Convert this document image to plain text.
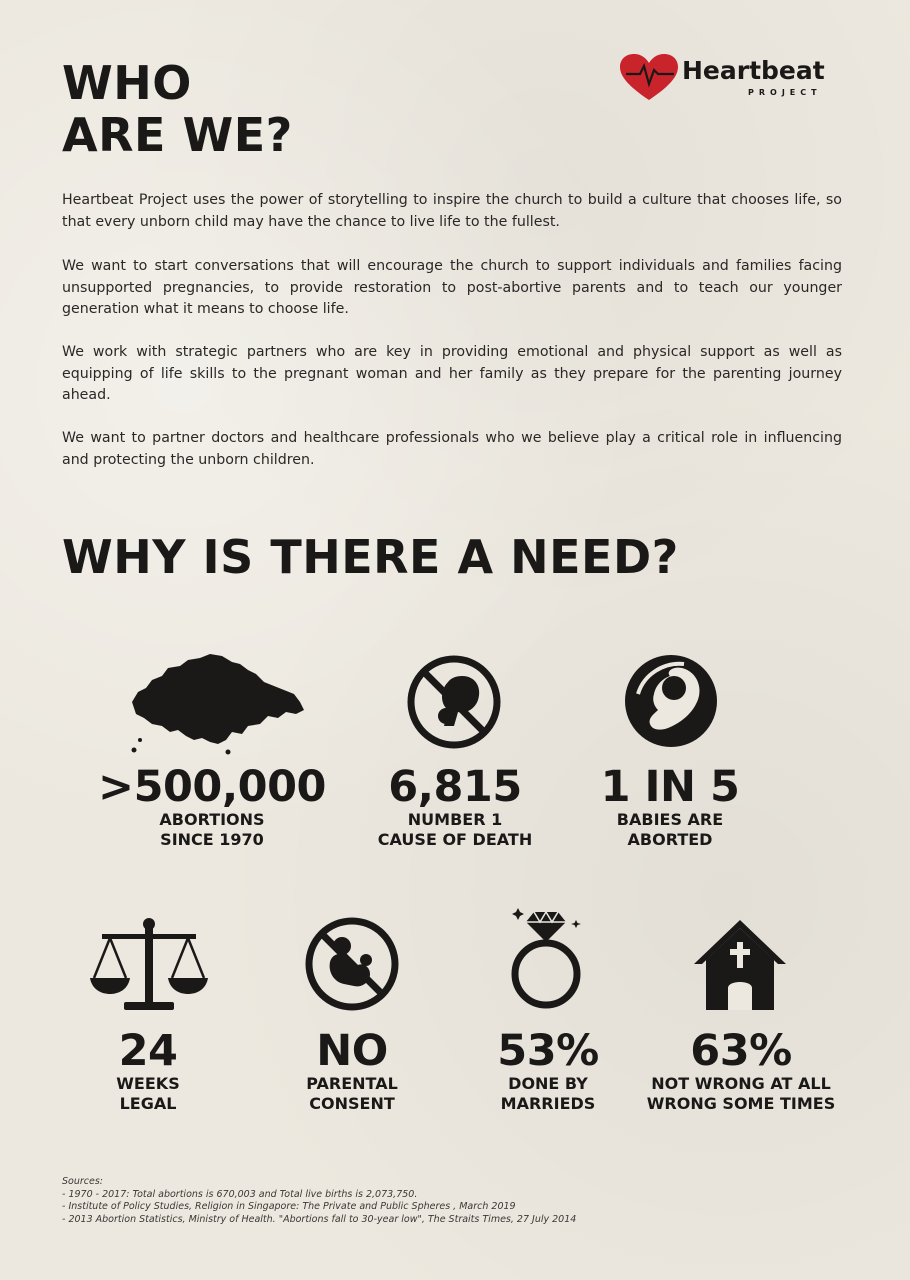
WHO
ARE WE?
Heartbeat
PROJECT

Heartbeat Project uses the power of storytelling to inspire the church to build a culture that chooses life, so that every unborn child may have the chance to live life to the fullest.

We want to start conversations that will encourage the church to support individuals and families facing unsupported pregnancies, to provide restoration to post-abortive parents and to teach our younger generation what it means to choose life.

We work with strategic partners who are key in providing emotional and physical support as well as equipping of life skills to the pregnant woman and her family as they prepare for the parenting journey ahead.

We want to partner doctors and healthcare professionals who we believe play a critical role in influencing and protecting the unborn children.

WHY IS THERE A NEED?
>500,000
ABORTIONS
SINCE 1970
6,815
NUMBER 1
CAUSE OF DEATH
1 IN 5
BABIES ARE
ABORTED
24
WEEKS
LEGAL
NO
PARENTAL
CONSENT
53%
DONE BY
MARRIEDS
63%
NOT WRONG AT ALL
WRONG SOME TIMES
Sources:
- 1970 - 2017: Total abortions is 670,003 and Total live births is 2,073,750.
- Institute of Policy Studies, Religion in Singapore: The Private and Public Spheres , March 2019
- 2013 Abortion Statistics, Ministry of Health. "Abortions fall to 30-year low", The Straits Times, 27 July 2014
